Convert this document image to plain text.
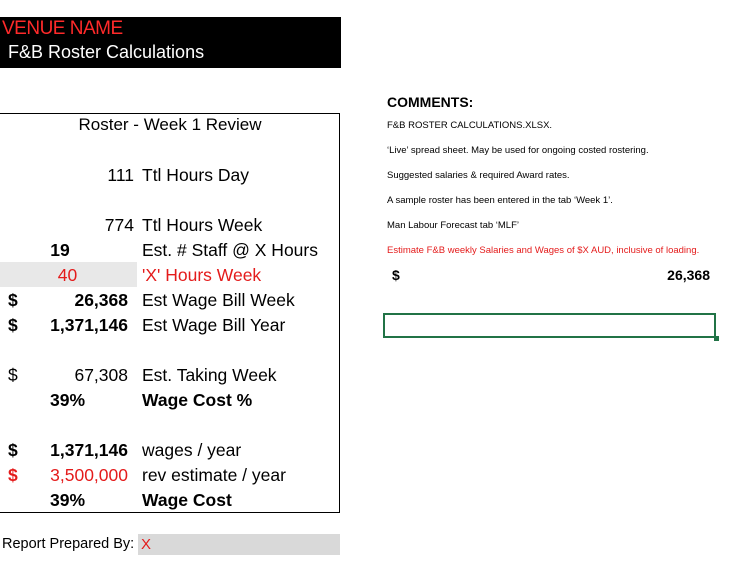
VENUE NAME
F&B Roster Calculations
Roster - Week 1 Review
111 Ttl Hours Day
774 Ttl Hours Week
19	Est. # Staff @ X Hours
40	'X' Hours Week
$	26,368 Est Wage Bill Week
$	1,371,146 Est Wage Bill Year
$	67,308 Est. Taking Week
39%	Wage Cost %
$	1,371,146 wages / year
$	3,500,000 rev estimate / year
39%	Wage Cost
Report Prepared By: X
COMMENTS:
F&B ROSTER CALCULATIONS.XLSX.
‘Live’ spread sheet. May be used for ongoing costed rostering.
Suggested salaries & required Award rates.
A sample roster has been entered in the tab ‘Week 1’.
Man Labour Forecast tab ‘MLF’
Estimate F&B weekly Salaries and Wages of $X AUD, inclusive of loading.
$	26,368
